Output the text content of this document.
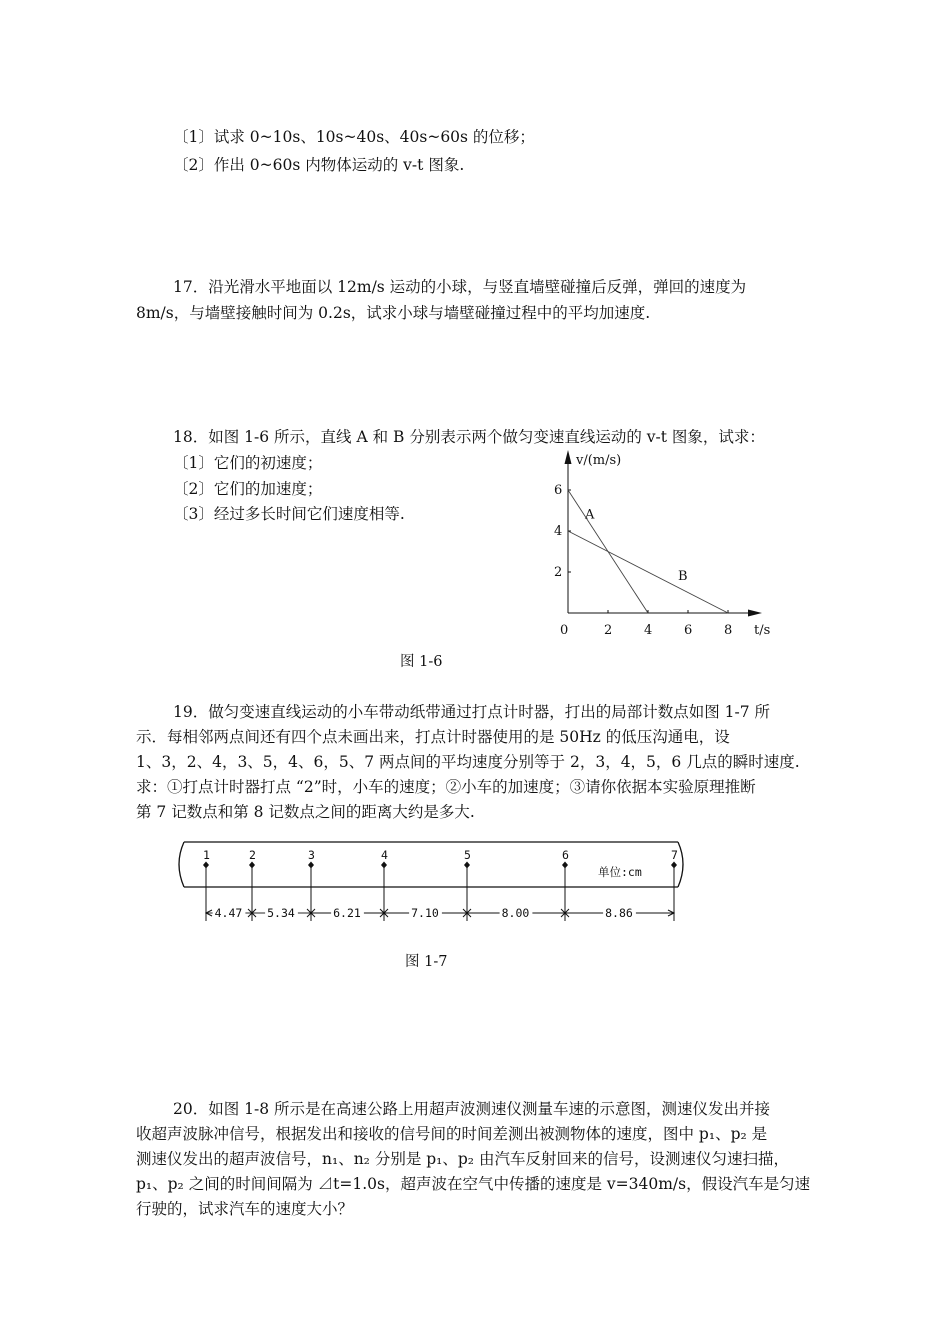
〔1〕试求 0~10s、10s~40s、40s~60s 的位移；
〔2〕作出 0~60s 内物体运动的 v-t 图象.
17．沿光滑水平地面以 12m/s 运动的小球，与竖直墙壁碰撞后反弹，弹回的速度为
8m/s，与墙壁接触时间为 0.2s，试求小球与墙壁碰撞过程中的平均加速度.
18．如图 1-6 所示，直线 A 和 B 分别表示两个做匀变速直线运动的 v-t 图象，试求：
〔1〕它们的初速度；
〔2〕它们的加速度；
〔3〕经过多长时间它们速度相等.
v/(m/s)
t/s
0	2 4 6 8
2
4
6
A
B
图 1-6
19．做匀变速直线运动的小车带动纸带通过打点计时器，打出的局部计数点如图 1-7 所
示．每相邻两点间还有四个点未画出来，打点计时器使用的是 50Hz 的低压沟通电，设
1、3，2、4，3、5，4、6，5、7 两点间的平均速度分别等于 2，3，4，5，6 几点的瞬时速度.
求：①打点计时器打点 “2”时，小车的速度；②小车的加速度；③请你依据本实验原理推断
第 7 记数点和第 8 记数点之间的距离大约是多大.
1	2	3	4	5	6	7
单位:cm
4.47 5.34	6.21	7.10	8.00	8.86
图 1-7
20．如图 1-8 所示是在高速公路上用超声波测速仪测量车速的示意图，测速仪发出并接
收超声波脉冲信号，根据发出和接收的信号间的时间差测出被测物体的速度，图中 p₁、p₂ 是
测速仪发出的超声波信号，n₁、n₂ 分别是 p₁、p₂ 由汽车反射回来的信号，设测速仪匀速扫描，
p₁、p₂ 之间的时间间隔为 ⊿t=1.0s，超声波在空气中传播的速度是 v=340m/s，假设汽车是匀速
行驶的，试求汽车的速度大小？
